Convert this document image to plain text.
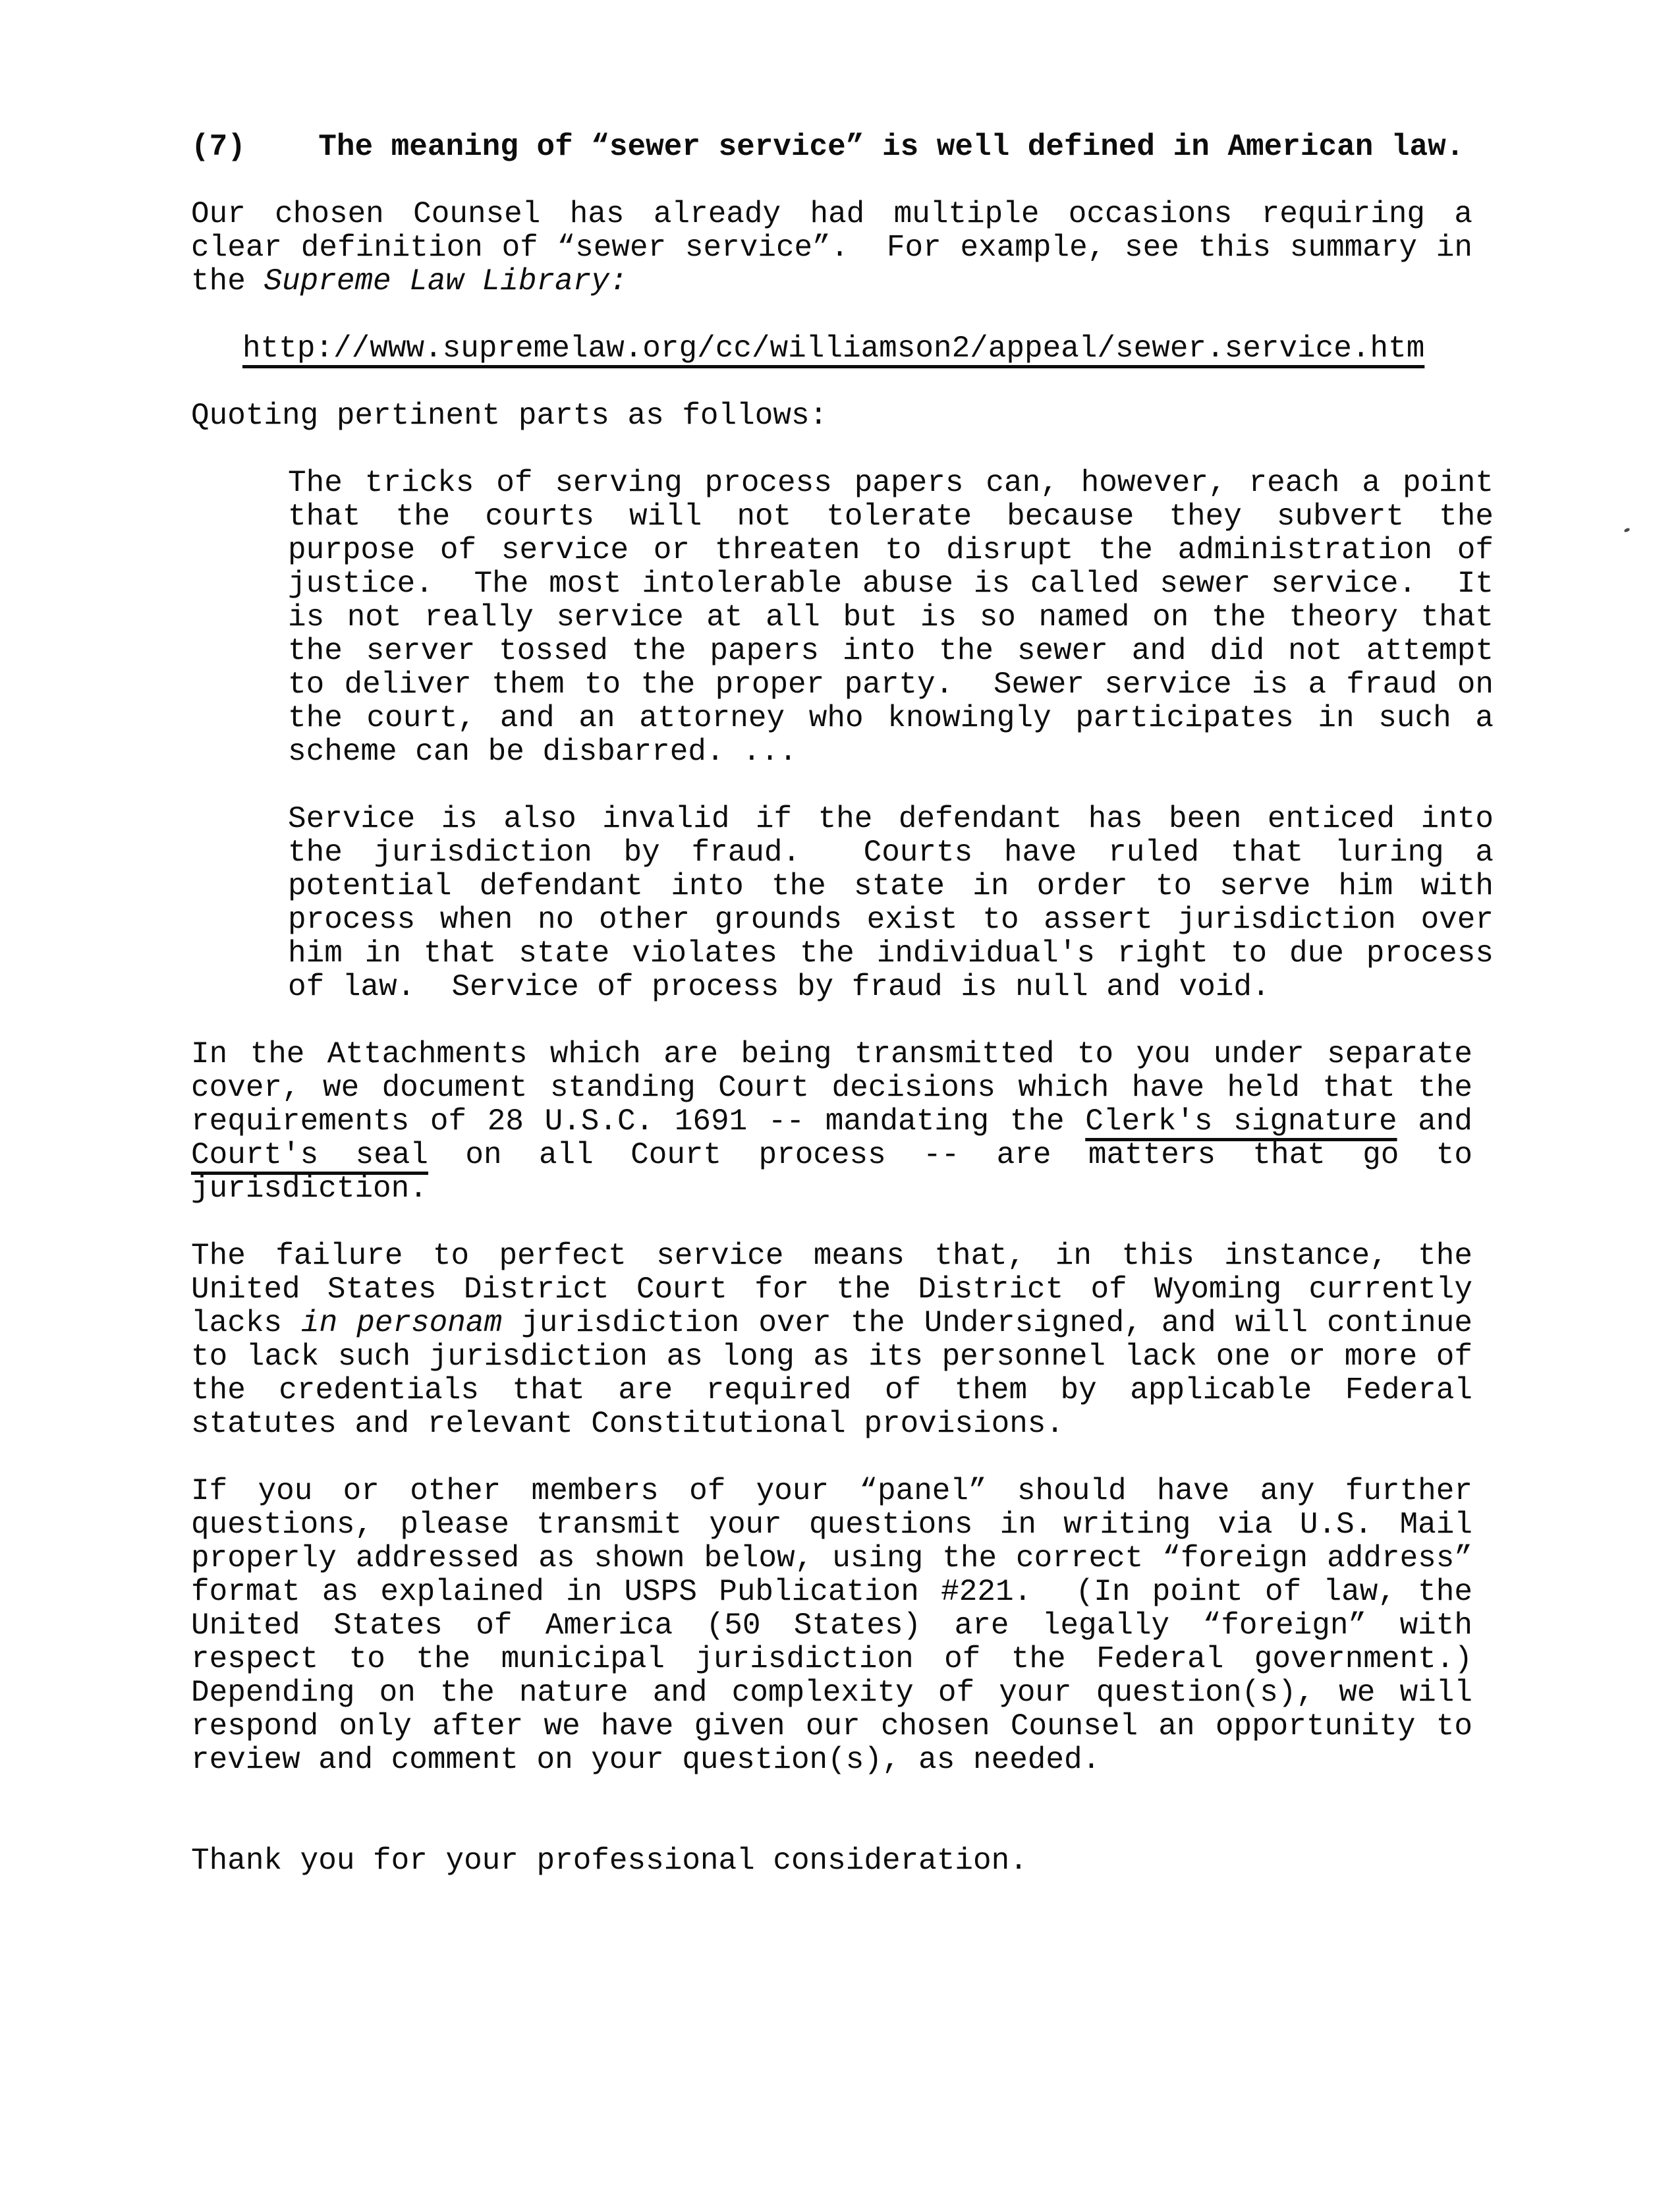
(7)    The meaning of “sewer service” is well defined in American law.
Our chosen Counsel has already had multiple occasions requiring a
clear definition of “sewer service”.  For example, see this summary in
the Supreme Law Library:
http://www.supremelaw.org/cc/williamson2/appeal/sewer.service.htm
Quoting pertinent parts as follows:
The tricks of serving process papers can, however, reach a point
that the courts will not tolerate because they subvert the
purpose of service or threaten to disrupt the administration of
justice.  The most intolerable abuse is called sewer service.  It
is not really service at all but is so named on the theory that
the server tossed the papers into the sewer and did not attempt
to deliver them to the proper party.  Sewer service is a fraud on
the court, and an attorney who knowingly participates in such a
scheme can be disbarred. ...
Service is also invalid if the defendant has been enticed into
the jurisdiction by fraud.  Courts have ruled that luring a
potential defendant into the state in order to serve him with
process when no other grounds exist to assert jurisdiction over
him in that state violates the individual's right to due process
of law.  Service of process by fraud is null and void.
In the Attachments which are being transmitted to you under separate
cover, we document standing Court decisions which have held that the
requirements of 28 U.S.C. 1691 -- mandating the Clerk's signature and
Court's seal on all Court process -- are matters that go to
jurisdiction.
The failure to perfect service means that, in this instance, the
United States District Court for the District of Wyoming currently
lacks in personam jurisdiction over the Undersigned, and will continue
to lack such jurisdiction as long as its personnel lack one or more of
the credentials that are required of them by applicable Federal
statutes and relevant Constitutional provisions.
If you or other members of your “panel” should have any further
questions, please transmit your questions in writing via U.S. Mail
properly addressed as shown below, using the correct “foreign address”
format as explained in USPS Publication #221.  (In point of law, the
United States of America (50 States) are legally “foreign” with
respect to the municipal jurisdiction of the Federal government.)
Depending on the nature and complexity of your question(s), we will
respond only after we have given our chosen Counsel an opportunity to
review and comment on your question(s), as needed.
Thank you for your professional consideration.
